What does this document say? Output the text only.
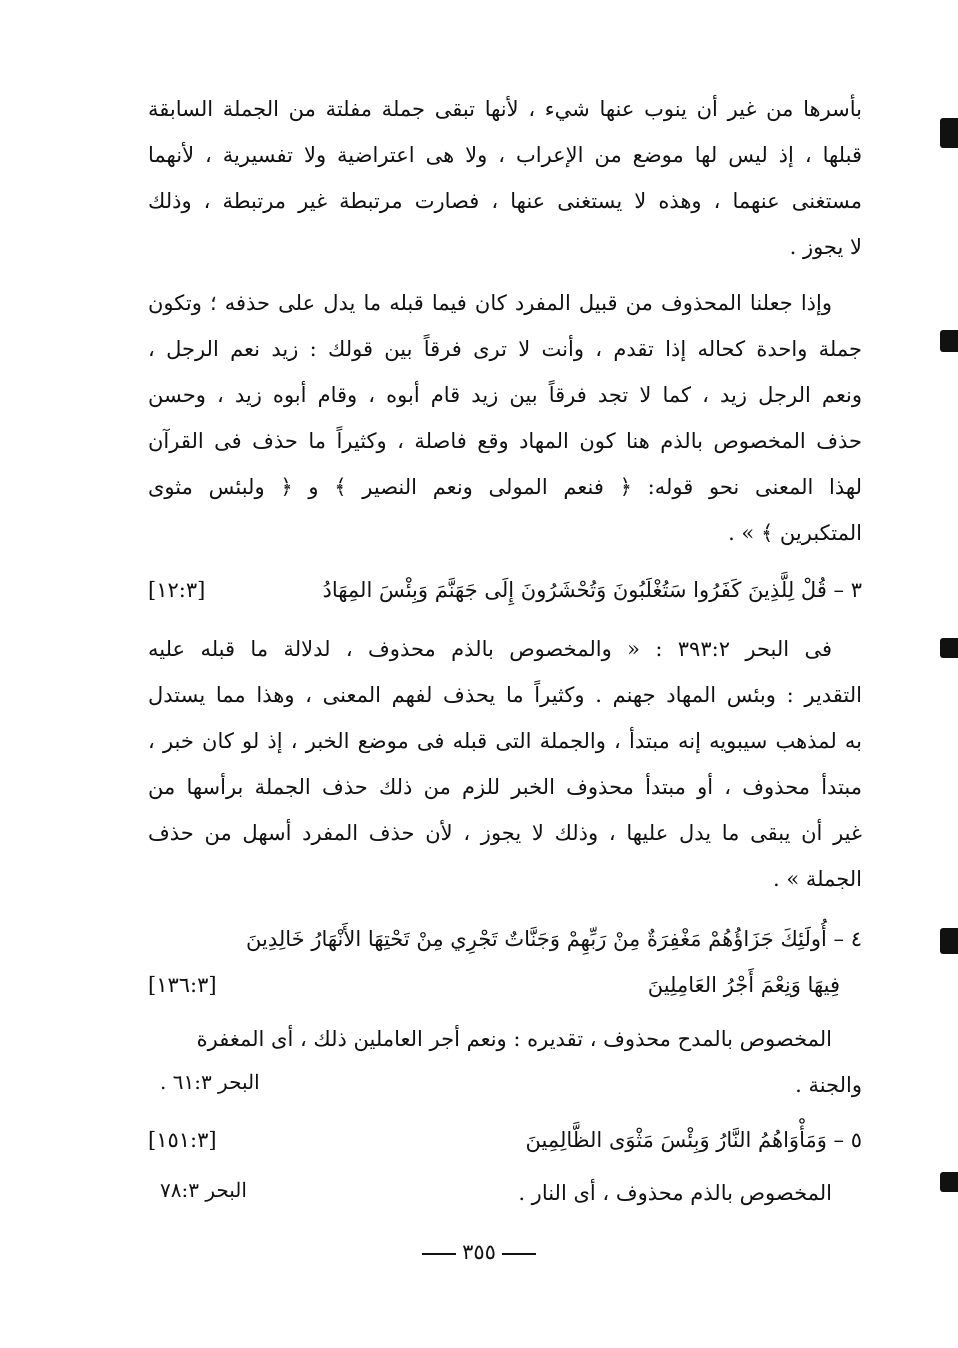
بأسرها من غير أن ينوب عنها شيء ، لأنها تبقى جملة مفلتة من الجملة السابقة
قبلها ، إذ ليس لها موضع من الإعراب ، ولا هى اعتراضية ولا تفسيرية ، لأنهما
مستغنى عنهما ، وهذه لا يستغنى عنها ، فصارت مرتبطة غير مرتبطة ، وذلك
لا يجوز .
وإذا جعلنا المحذوف من قبيل المفرد كان فيما قبله ما يدل على حذفه ؛ وتكون
جملة واحدة كحاله إذا تقدم ، وأنت لا ترى فرقاً بين قولك : زيد نعم الرجل ،
ونعم الرجل زيد ، كما لا تجد فرقاً بين زيد قام أبوه ، وقام أبوه زيد ، وحسن
حذف المخصوص بالذم هنا كون المهاد وقع فاصلة ، وكثيراً ما حذف فى القرآن
لهذا المعنى نحو قوله: ﴿ فنعم المولى ونعم النصير ﴾ و ﴿ ولبئس مثوى
المتكبرين ﴾ » .
٣ – قُلْ لِلَّذِينَ كَفَرُوا سَتُغْلَبُونَ وَتُحْشَرُونَ إِلَى جَهَنَّمَ وَبِئْسَ المِهَادُ
[١٢:٣]
فى البحر ٣٩٣:٢ : « والمخصوص بالذم محذوف ، لدلالة ما قبله عليه
التقدير : وبئس المهاد جهنم . وكثيراً ما يحذف لفهم المعنى ، وهذا مما يستدل
به لمذهب سيبويه إنه مبتدأ ، والجملة التى قبله فى موضع الخبر ، إذ لو كان خبر ،
مبتدأ محذوف ، أو مبتدأ محذوف الخبر للزم من ذلك حذف الجملة برأسها من
غير أن يبقى ما يدل عليها ، وذلك لا يجوز ، لأن حذف المفرد أسهل من حذف
الجملة » .
٤ – أُولَئِكَ جَزَاؤُهُمْ مَغْفِرَةٌ مِنْ رَبِّهِمْ وَجَنَّاتٌ تَجْرِي مِنْ تَحْتِهَا الأَنْهَارُ خَالِدِينَ
فِيهَا وَنِعْمَ أَجْرُ العَامِلِينَ
[١٣٦:٣]
المخصوص بالمدح محذوف ، تقديره : ونعم أجر العاملين ذلك ، أى المغفرة
والجنة .
البحر ٦١:٣ .
٥ – وَمَأْوَاهُمُ النَّارُ وَبِئْسَ مَثْوَى الظَّالِمِينَ
[١٥١:٣]
المخصوص بالذم محذوف ، أى النار .
البحر ٧٨:٣
٣٥٥
